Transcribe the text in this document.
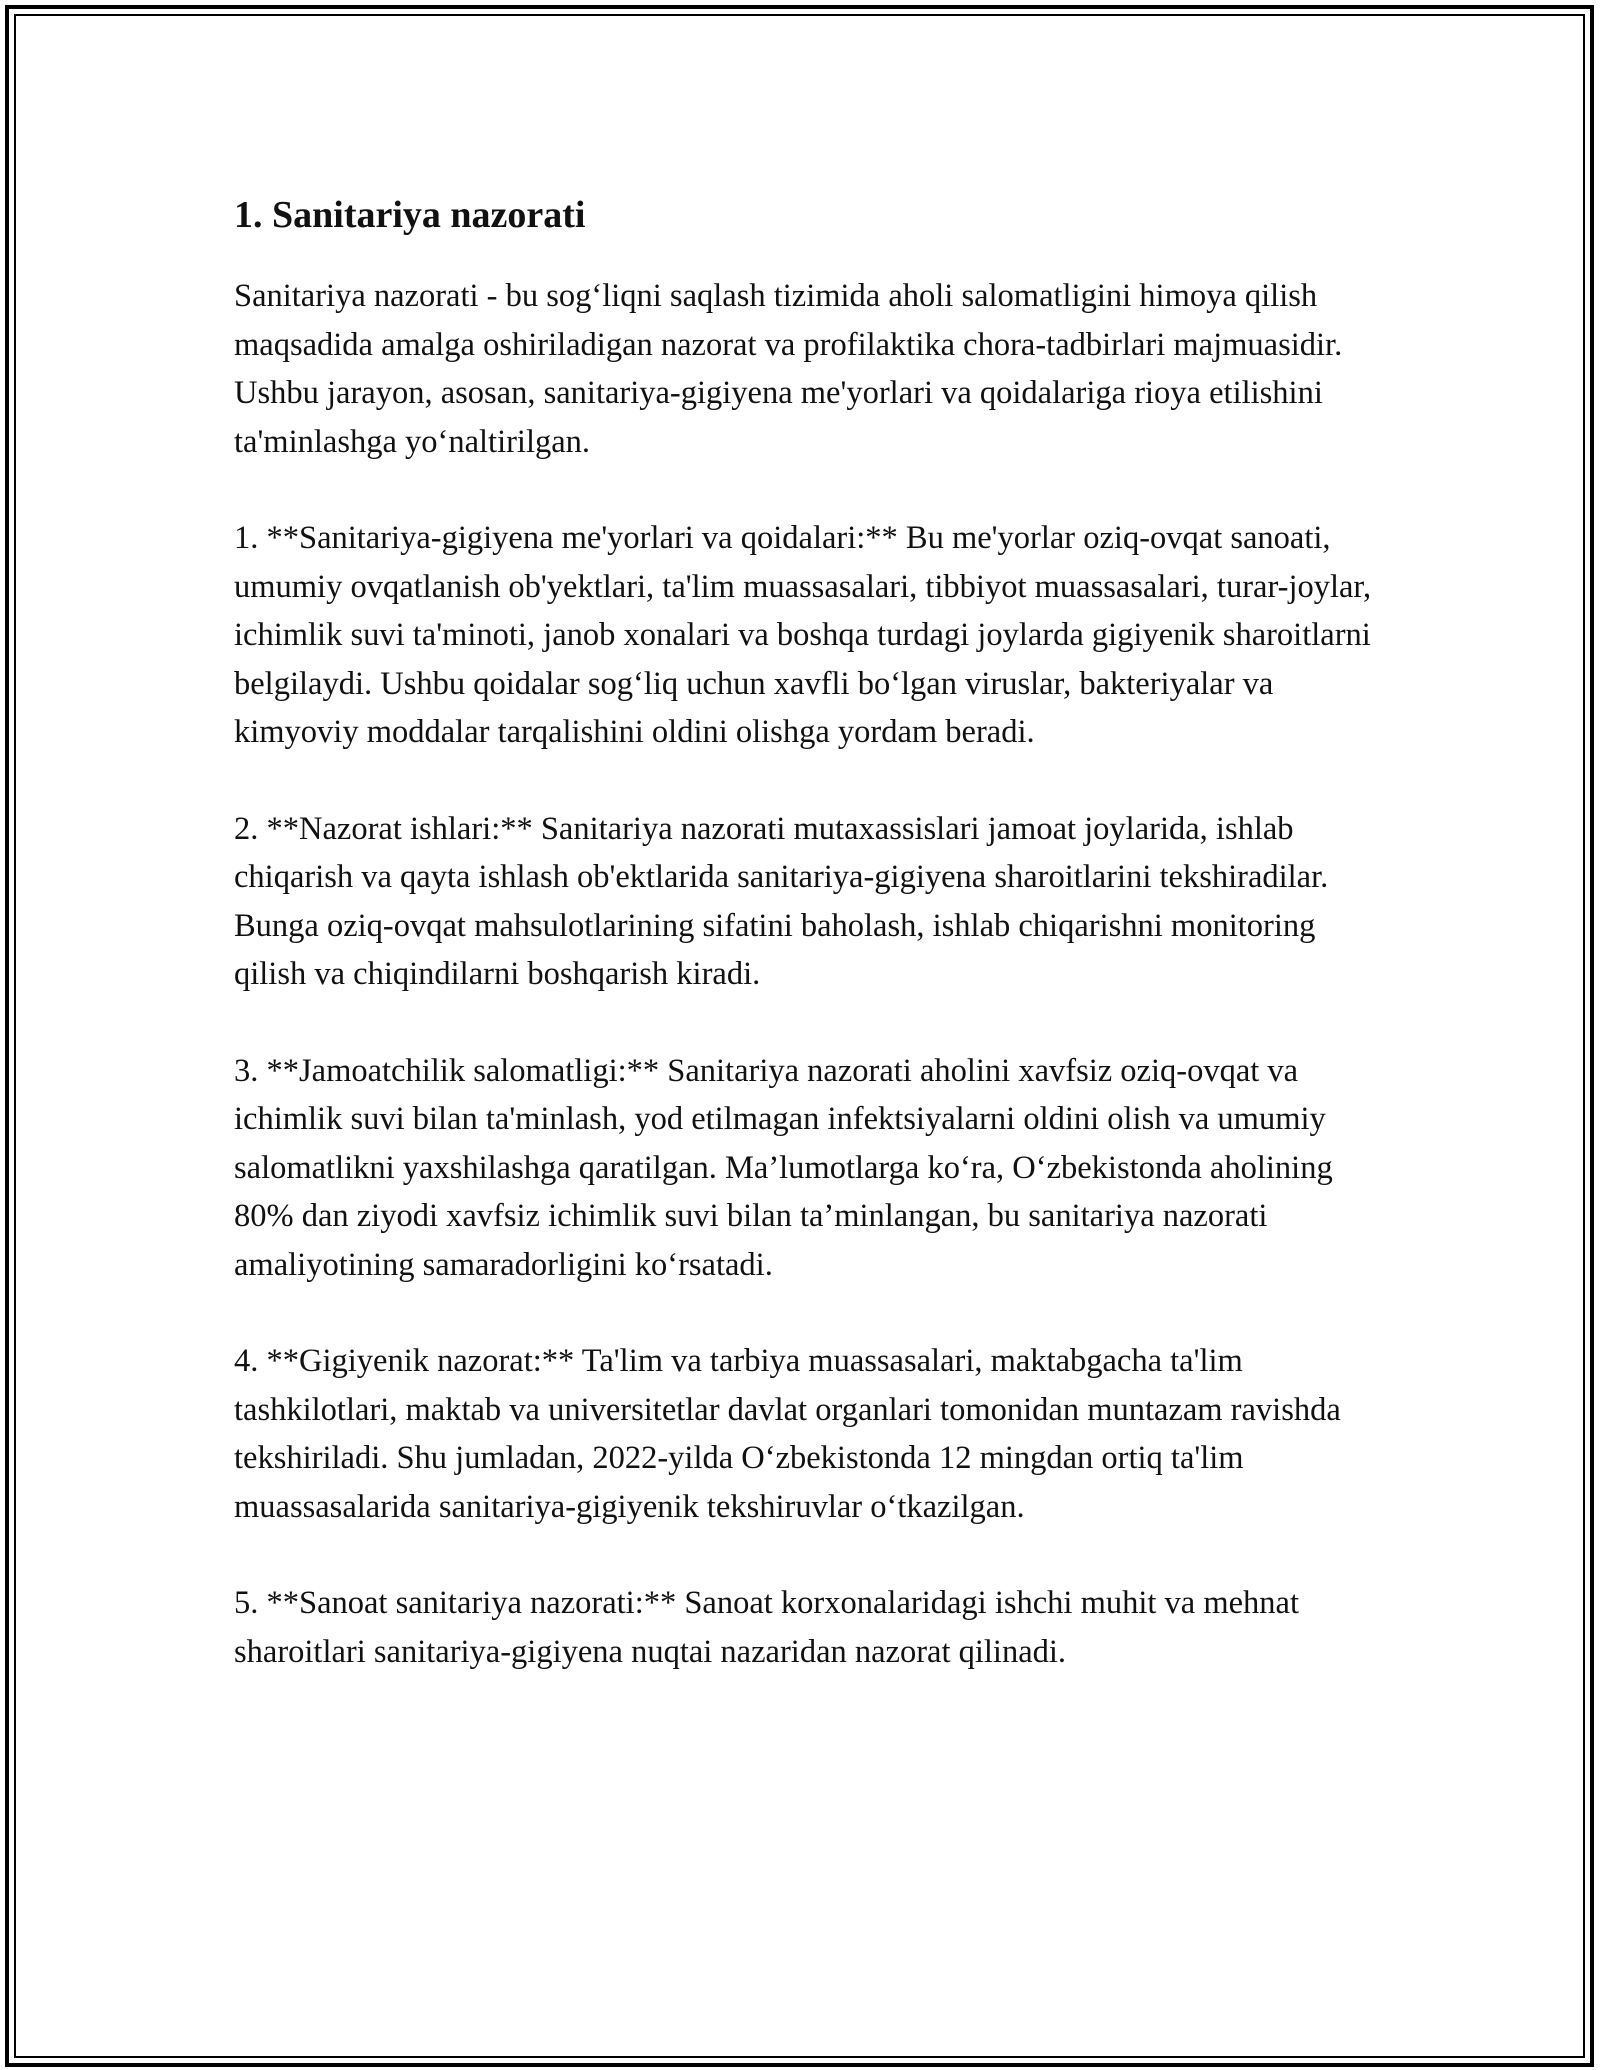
1. Sanitariya nazorati

Sanitariya nazorati - bu sog‘liqni saqlash tizimida aholi salomatligini himoya qilish maqsadida amalga oshiriladigan nazorat va profilaktika chora-tadbirlari majmuasidir. Ushbu jarayon, asosan, sanitariya-gigiyena me'yorlari va qoidalariga rioya etilishini ta'minlashga yo‘naltirilgan.

1. **Sanitariya-gigiyena me'yorlari va qoidalari:** Bu me'yorlar oziq-ovqat sanoati, umumiy ovqatlanish ob'yektlari, ta'lim muassasalari, tibbiyot muassasalari, turar-joylar, ichimlik suvi ta'minoti, janob xonalari va boshqa turdagi joylarda gigiyenik sharoitlarni belgilaydi. Ushbu qoidalar sog‘liq uchun xavfli bo‘lgan viruslar, bakteriyalar va kimyoviy moddalar tarqalishini oldini olishga yordam beradi.

2. **Nazorat ishlari:** Sanitariya nazorati mutaxassislari jamoat joylarida, ishlab chiqarish va qayta ishlash ob'ektlarida sanitariya-gigiyena sharoitlarini tekshiradilar. Bunga oziq-ovqat mahsulotlarining sifatini baholash, ishlab chiqarishni monitoring qilish va chiqindilarni boshqarish kiradi.

3. **Jamoatchilik salomatligi:** Sanitariya nazorati aholini xavfsiz oziq-ovqat va ichimlik suvi bilan ta'minlash, yod etilmagan infektsiyalarni oldini olish va umumiy salomatlikni yaxshilashga qaratilgan. Ma’lumotlarga ko‘ra, O‘zbekistonda aholining 80% dan ziyodi xavfsiz ichimlik suvi bilan ta’minlangan, bu sanitariya nazorati amaliyotining samaradorligini ko‘rsatadi.

4. **Gigiyenik nazorat:** Ta'lim va tarbiya muassasalari, maktabgacha ta'lim tashkilotlari, maktab va universitetlar davlat organlari tomonidan muntazam ravishda tekshiriladi. Shu jumladan, 2022-yilda O‘zbekistonda 12 mingdan ortiq ta'lim muassasalarida sanitariya-gigiyenik tekshiruvlar o‘tkazilgan.

5. **Sanoat sanitariya nazorati:** Sanoat korxonalaridagi ishchi muhit va mehnat sharoitlari sanitariya-gigiyena nuqtai nazaridan nazorat qilinadi.
